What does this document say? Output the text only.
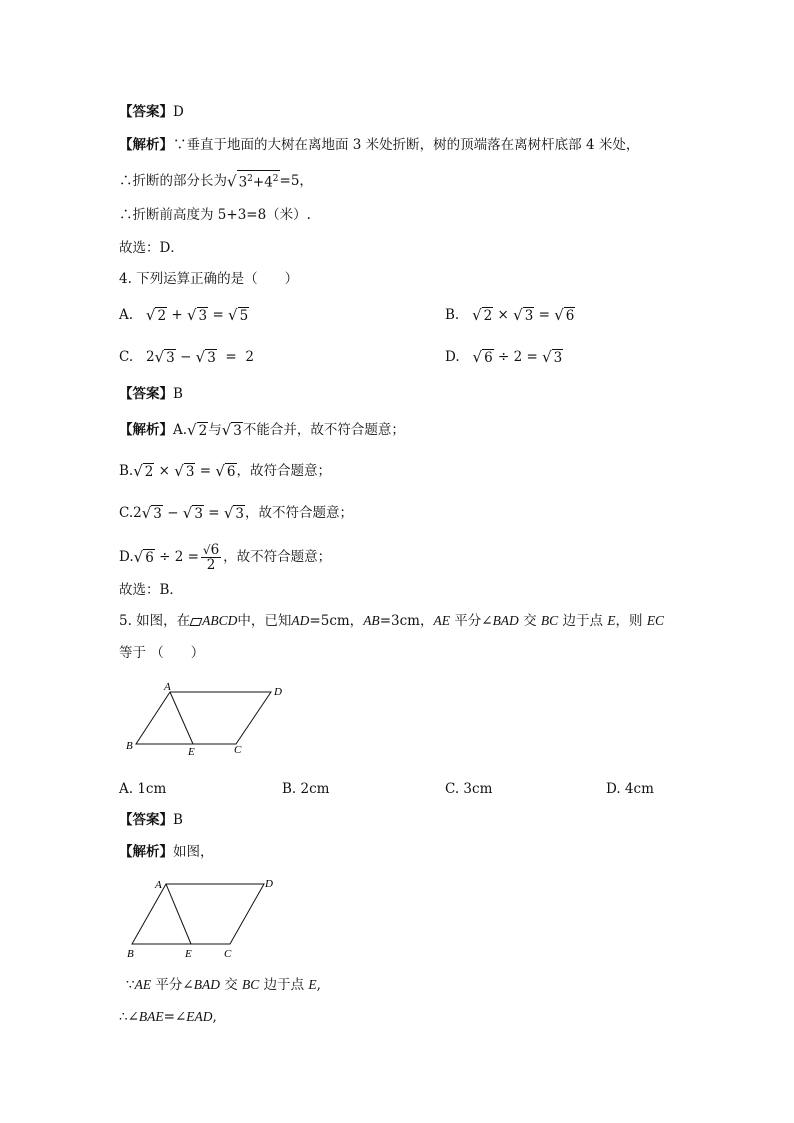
【答案】D
【解析】∵垂直于地面的大树在离地面 3 米处折断，树的顶端落在离树杆底部 4 米处，
∴折断的部分长为√ $3^2+4^2=5$，
∴折断前高度为 5+3=8（米）.
故选：D．
4. 下列运算正确的是（　　）
A. √ 2 + √ 3 = √ 5	B. √ 2 × √ 3 = √ 6
C. 2√ 3 − √ 3 = 2	D. √ 6 ÷ 2 = √ 3
【答案】B
【解析】A.√ 2与√ 3不能合并，故不符合题意；
B.√ 2 × √ 3 = √ 6，故符合题意；
C.2√ 3 − √ 3 = √ 3，故不符合题意；
D.√ $6 \div 2 = \frac{√6}{2}$ ，故不符合题意；
故选：B．
5. 如图，在 ABCD中，已知AD=5cm，AB=3cm，AE 平分∠BAD 交 BC 边于点 E，则 EC
等于 （　　）
A	D
B	E	C
A. 1cm	B. 2cm	C. 3cm	D. 4cm
【答案】B
【解析】如图，
A	D
B	E	C
∵AE 平分∠BAD 交 BC 边于点 E,
∴∠BAE=∠EAD,
